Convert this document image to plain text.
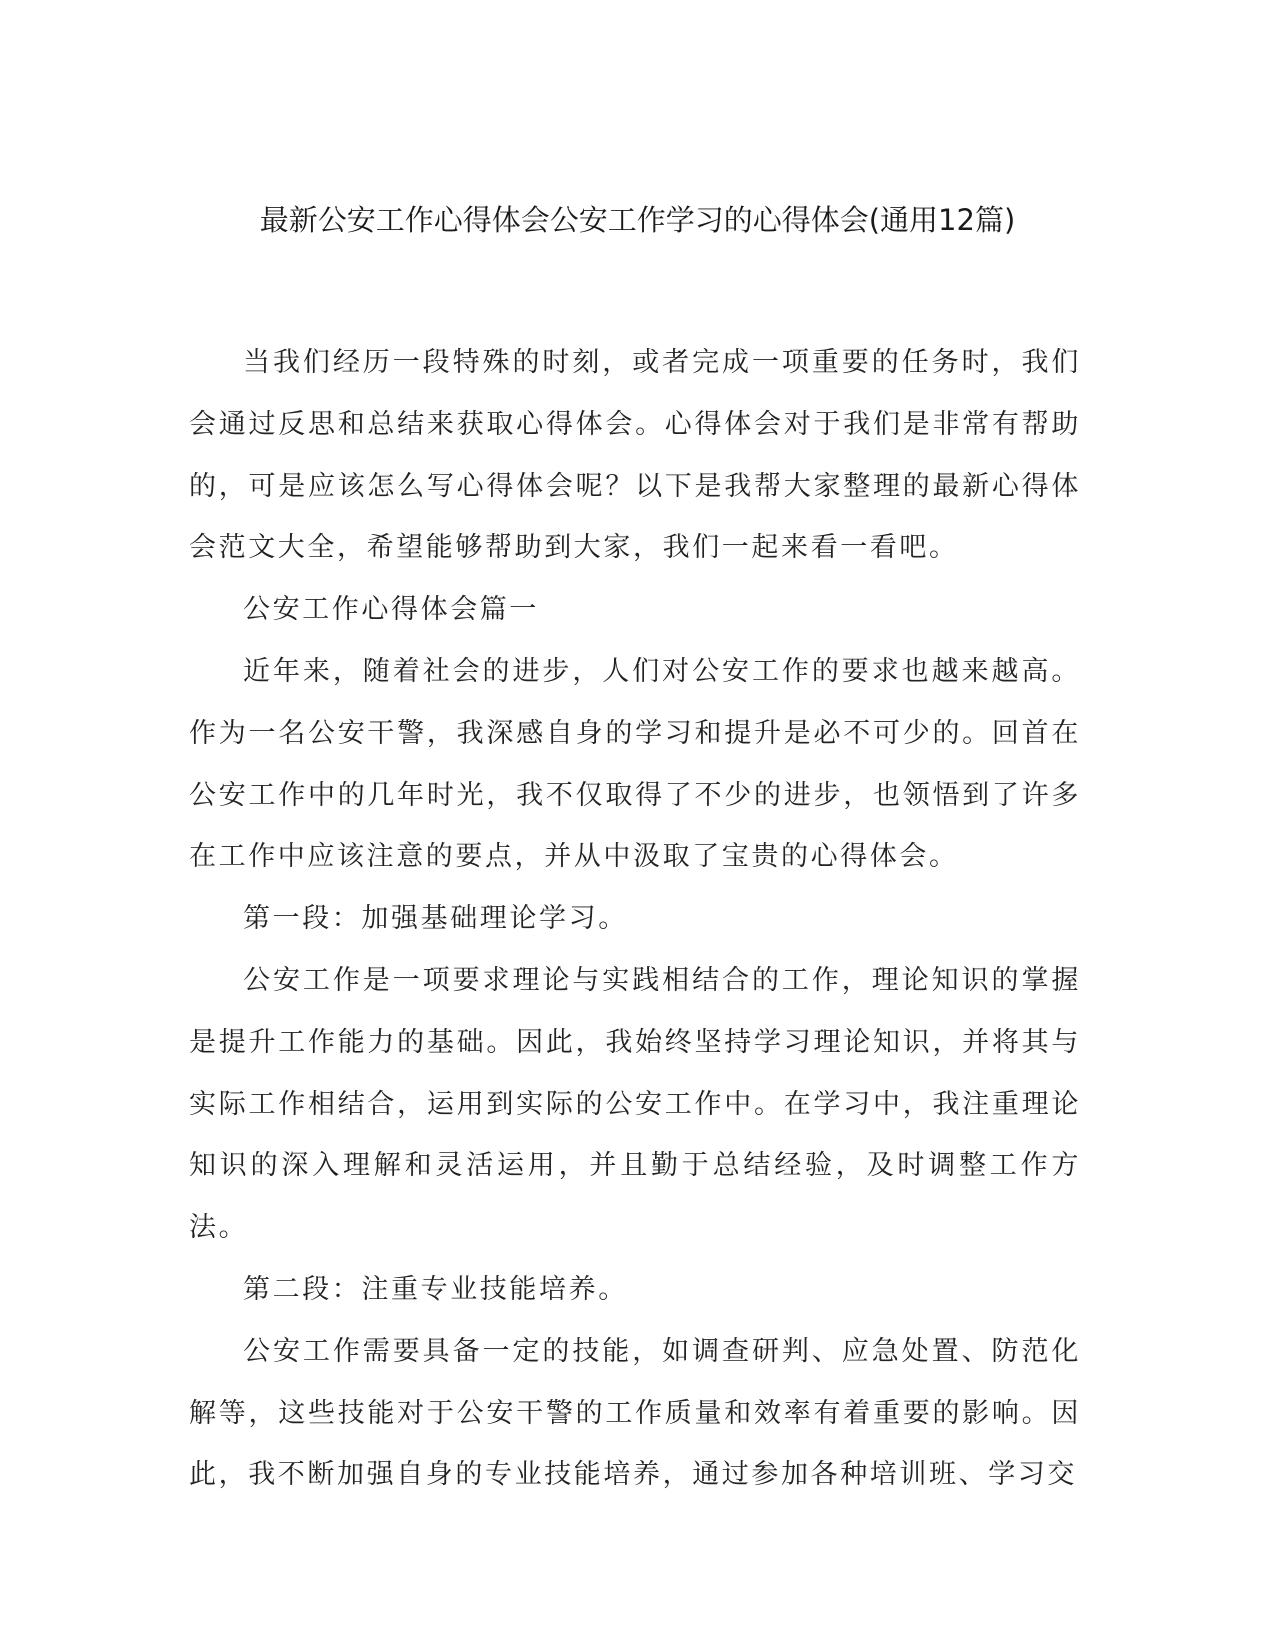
最新公安工作心得体会公安工作学习的心得体会(通用12篇)

当我们经历一段特殊的时刻，或者完成一项重要的任务时，我们会通过反思和总结来获取心得体会。心得体会对于我们是非常有帮助的，可是应该怎么写心得体会呢？以下是我帮大家整理的最新心得体会范文大全，希望能够帮助到大家，我们一起来看一看吧。

公安工作心得体会篇一

近年来，随着社会的进步，人们对公安工作的要求也越来越高。作为一名公安干警，我深感自身的学习和提升是必不可少的。回首在公安工作中的几年时光，我不仅取得了不少的进步，也领悟到了许多在工作中应该注意的要点，并从中汲取了宝贵的心得体会。

第一段：加强基础理论学习。

公安工作是一项要求理论与实践相结合的工作，理论知识的掌握是提升工作能力的基础。因此，我始终坚持学习理论知识，并将其与实际工作相结合，运用到实际的公安工作中。在学习中，我注重理论知识的深入理解和灵活运用，并且勤于总结经验，及时调整工作方法。

第二段：注重专业技能培养。

公安工作需要具备一定的技能，如调查研判、应急处置、防范化解等，这些技能对于公安干警的工作质量和效率有着重要的影响。因此，我不断加强自身的专业技能培养，通过参加各种培训班、学习交
